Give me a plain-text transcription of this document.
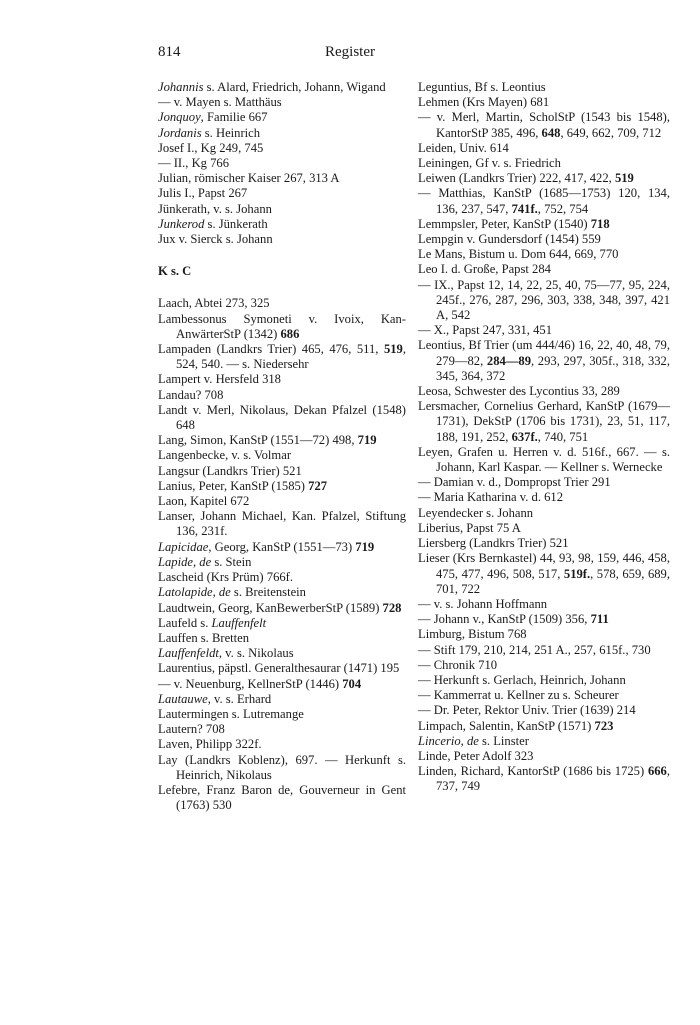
814	Register
Johannis s. Alard, Friedrich, Johann, Wigand
— v. Mayen s. Matthäus
Jonquoy, Familie 667
Jordanis s. Heinrich
Josef I., Kg 249, 745
— II., Kg 766
Julian, römischer Kaiser 267, 313 A
Julis I., Papst 267
Jünkerath, v. s. Johann
Junkerod s. Jünkerath
Jux v. Sierck s. Johann
K s. C
Laach, Abtei 273, 325
Lambessonus Symoneti v. Ivoix, Kan-AnwärterStP (1342) 686
Lampaden (Landkrs Trier) 465, 476, 511, 519, 524, 540. — s. Niedersehr
Lampert v. Hersfeld 318
Landau? 708
Landt v. Merl, Nikolaus, Dekan Pfalzel (1548) 648
Lang, Simon, KanStP (1551—72) 498, 719
Langenbecke, v. s. Volmar
Langsur (Landkrs Trier) 521
Lanius, Peter, KanStP (1585) 727
Laon, Kapitel 672
Lanser, Johann Michael, Kan. Pfalzel, Stiftung 136, 231f.
Lapicidae, Georg, KanStP (1551—73) 719
Lapide, de s. Stein
Lascheid (Krs Prüm) 766f.
Latolapide, de s. Breitenstein
Laudtwein, Georg, KanBewerberStP (1589) 728
Laufeld s. Lauffenfelt
Lauffen s. Bretten
Lauffenfeldt, v. s. Nikolaus
Laurentius, päpstl. Generalthesaurar (1471) 195
— v. Neuenburg, KellnerStP (1446) 704
Lautauwe, v. s. Erhard
Lautermingen s. Lutremange
Lautern? 708
Laven, Philipp 322f.
Lay (Landkrs Koblenz), 697. — Herkunft s. Heinrich, Nikolaus
Lefebre, Franz Baron de, Gouverneur in Gent (1763) 530
Leguntius, Bf s. Leontius
Lehmen (Krs Mayen) 681
— v. Merl, Martin, ScholStP (1543 bis 1548), KantorStP 385, 496, 648, 649, 662, 709, 712
Leiden, Univ. 614
Leiningen, Gf v. s. Friedrich
Leiwen (Landkrs Trier) 222, 417, 422, 519
— Matthias, KanStP (1685—1753) 120, 134, 136, 237, 547, 741f., 752, 754
Lemmpsler, Peter, KanStP (1540) 718
Lempgin v. Gundersdorf (1454) 559
Le Mans, Bistum u. Dom 644, 669, 770
Leo I. d. Große, Papst 284
— IX., Papst 12, 14, 22, 25, 40, 75—77, 95, 224, 245f., 276, 287, 296, 303, 338, 348, 397, 421 A, 542
— X., Papst 247, 331, 451
Leontius, Bf Trier (um 444/46) 16, 22, 40, 48, 79, 279—82, 284—89, 293, 297, 305f., 318, 332, 345, 364, 372
Leosa, Schwester des Lycontius 33, 289
Lersmacher, Cornelius Gerhard, KanStP (1679—1731), DekStP (1706 bis 1731), 23, 51, 117, 188, 191, 252, 637f., 740, 751
Leyen, Grafen u. Herren v. d. 516f., 667. — s. Johann, Karl Kaspar. — Kellner s. Wernecke
— Damian v. d., Dompropst Trier 291
— Maria Katharina v. d. 612
Leyendecker s. Johann
Liberius, Papst 75 A
Liersberg (Landkrs Trier) 521
Lieser (Krs Bernkastel) 44, 93, 98, 159, 446, 458, 475, 477, 496, 508, 517, 519f., 578, 659, 689, 701, 722
— v. s. Johann Hoffmann
— Johann v., KanStP (1509) 356, 711
Limburg, Bistum 768
— Stift 179, 210, 214, 251 A., 257, 615f., 730
— Chronik 710
— Herkunft s. Gerlach, Heinrich, Johann
— Kammerrat u. Kellner zu s. Scheurer
— Dr. Peter, Rektor Univ. Trier (1639) 214
Limpach, Salentin, KanStP (1571) 723
Lincerio, de s. Linster
Linde, Peter Adolf 323
Linden, Richard, KantorStP (1686 bis 1725) 666, 737, 749
